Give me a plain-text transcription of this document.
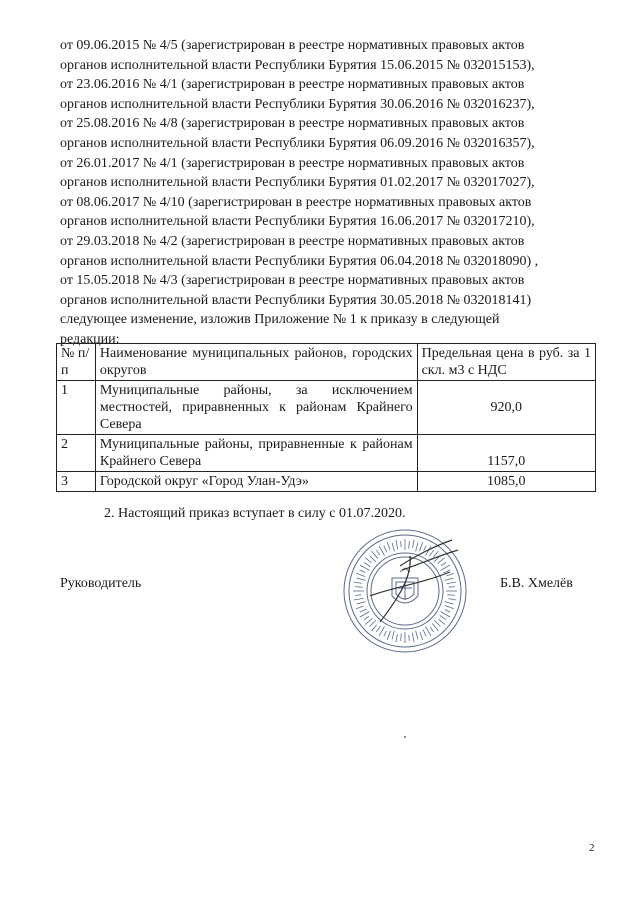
от 09.06.2015 № 4/5 (зарегистрирован в реестре нормативных правовых актов

органов исполнительной власти Республики Бурятия 15.06.2015 № 032015153),

от 23.06.2016 № 4/1 (зарегистрирован в реестре нормативных правовых актов

органов исполнительной власти Республики Бурятия 30.06.2016 № 032016237),

от 25.08.2016 № 4/8 (зарегистрирован в реестре нормативных правовых актов

органов исполнительной власти Республики Бурятия 06.09.2016 № 032016357),

от 26.01.2017 № 4/1 (зарегистрирован в реестре нормативных правовых актов

органов исполнительной власти Республики Бурятия 01.02.2017 № 032017027),

от 08.06.2017 № 4/10 (зарегистрирован в реестре нормативных правовых актов

органов исполнительной власти Республики Бурятия 16.06.2017 № 032017210),

от 29.03.2018 № 4/2 (зарегистрирован в реестре нормативных правовых актов

органов исполнительной власти Республики Бурятия 06.04.2018 № 032018090) ,

от 15.05.2018 № 4/3 (зарегистрирован в реестре нормативных правовых актов

органов исполнительной власти Республики Бурятия 30.05.2018 № 032018141)

следующее изменение, изложив Приложение № 1 к приказу в следующей

редакции:

№ п/п	Наименование муниципальных районов, городских округов	Предельная цена в руб. за 1 скл. м3 с НДС

1	Муниципальные районы, за исключением местностей, приравненных к районам Крайнего Севера	920,0
2	Муниципальные районы, приравненные к районам Крайнего Севера	1157,0
3	Городской округ «Город Улан-Удэ»	1085,0
2. Настоящий приказ вступает в силу с 01.07.2020.
Руководитель	Б.В. Хмелёв
2
